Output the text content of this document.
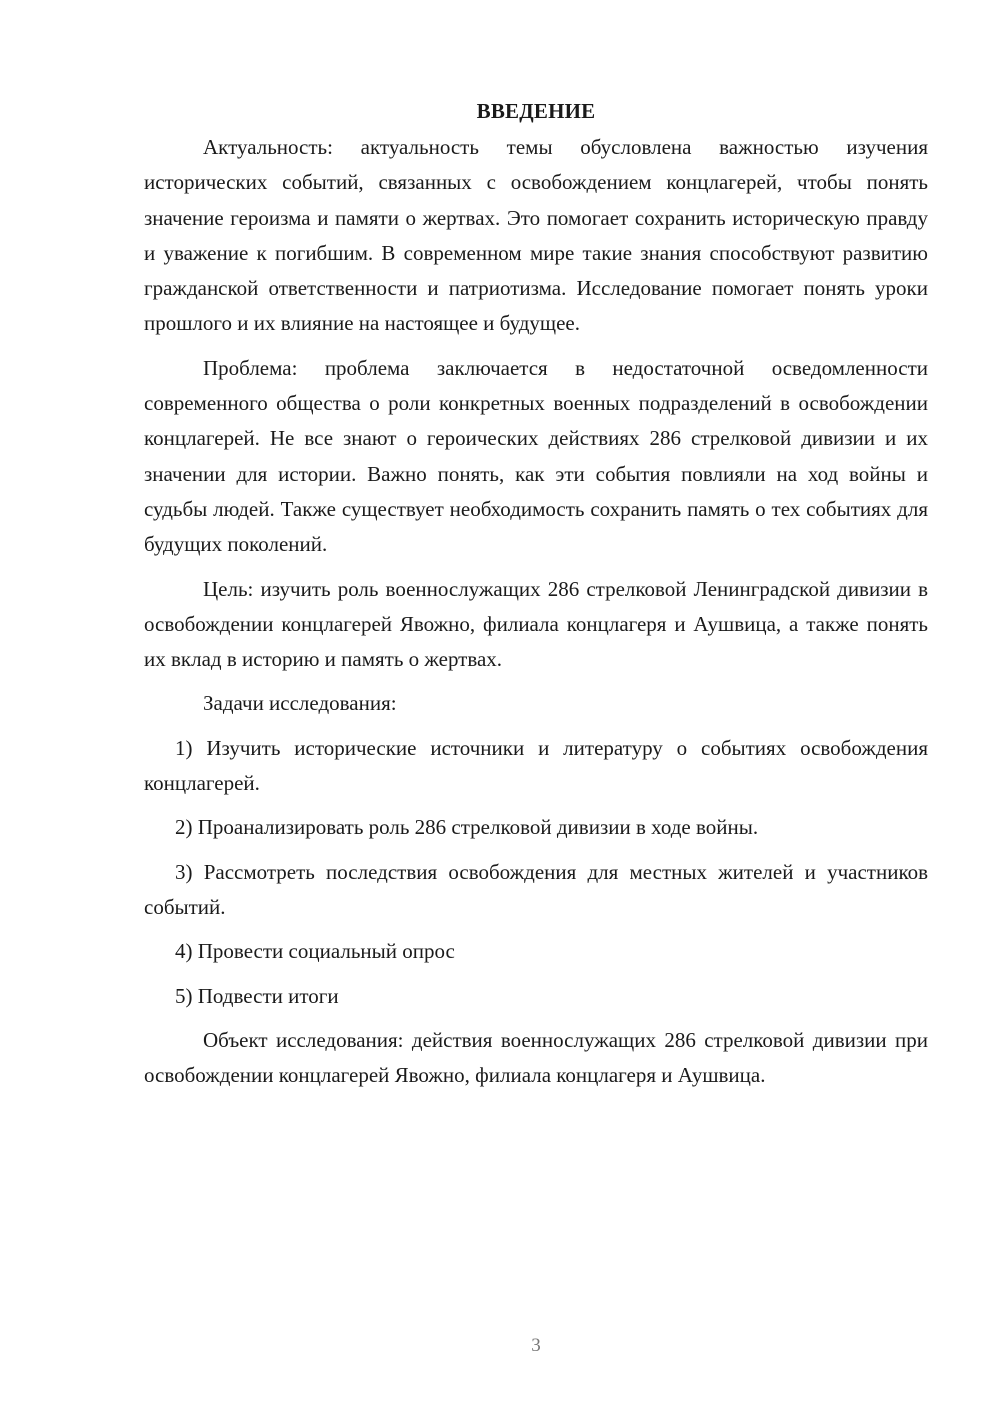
ВВЕДЕНИЕ

Актуальность: актуальность темы обусловлена важностью изучения исторических событий, связанных с освобождением концлагерей, чтобы понять значение героизма и памяти о жертвах. Это помогает сохранить историческую правду и уважение к погибшим. В современном мире такие знания способствуют развитию гражданской ответственности и патриотизма. Исследование помогает понять уроки прошлого и их влияние на настоящее и будущее.

Проблема: проблема заключается в недостаточной осведомленности современного общества о роли конкретных военных подразделений в освобождении концлагерей. Не все знают о героических действиях 286 стрелковой дивизии и их значении для истории. Важно понять, как эти события повлияли на ход войны и судьбы людей. Также существует необходимость сохранить память о тех событиях для будущих поколений.

Цель: изучить роль военнослужащих 286 стрелковой Ленинградской дивизии в освобождении концлагерей Явожно, филиала концлагеря и Аушвица, а также понять их вклад в историю и память о жертвах.

Задачи исследования:

1) Изучить исторические источники и литературу о событиях освобождения концлагерей.

2) Проанализировать роль 286 стрелковой дивизии в ходе войны.

3) Рассмотреть последствия освобождения для местных жителей и участников событий.

4) Провести социальный опрос

5) Подвести итоги

Объект исследования: действия военнослужащих 286 стрелковой дивизии при освобождении концлагерей Явожно, филиала концлагеря и Аушвица.

3
